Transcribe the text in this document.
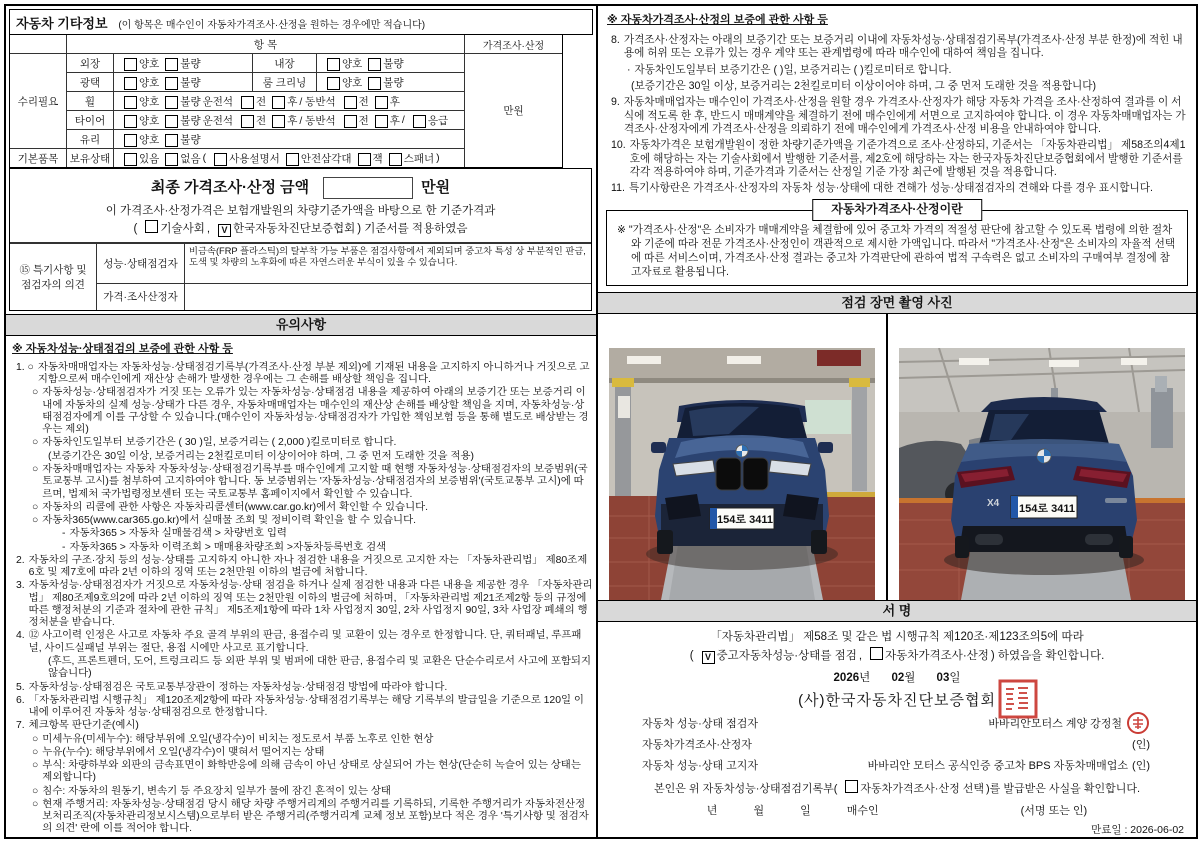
자동차 기타정보 (이 항목은 매수인이 자동차가격조사·산정을 원하는 경우에만 적습니다)
항 목	가격조사·산정
수리필요
외장	양호 불량	내장	양호 불량
광택	양호 불량	룸 크리닝	양호 불량
휠	양호 불량 운전석 전 후 / 동반석 전 후
타이어	양호 불량 운전석 전 후 / 동반석 전 후 / 응급
유리	양호 불량
기본품목	보유상태	있음 없음 ( 사용설명서 안전삼각대 잭 스패너 )
만원
최종 가격조사·산정 금액	만원
이 가격조사·산정가격은 보험개발원의 차량기준가액을 바탕으로 한 기준가격과
( 기술사회 , V 한국자동차진단보증협회 ) 기준서를 적용하였음
⑮ 특기사항 및
점검자의 의견
성능·상태점검자
비금속(FRP 플라스틱)의 탈부착 가능 부품은 점검사항에서 제외되며 중고차 특성 상 부분적인 판금,도색 및 차량의 노후화에 따른 자연스러운 부식이 있을 수 있습니다.
가격·조사산정자
유의사항
※ 자동차성능·상태점검의 보증에 관한 사항 등
1. ○ 자동차매매업자는 자동차성능·상태점검기록부(가격조사·산정 부분 제외)에 기재된 내용을 고지하지 아니하거나 거짓으로 고지함으로써 매수인에게 재산상 손해가 발생한 경우에는 그 손해를 배상할 책임을 집니다.
○ 자동차성능·상태점검자가 거짓 또는 오류가 있는 자동차성능·상태점검 내용을 제공하여 아래의 보증기간 또는 보증거리 이내에 자동차의 실제 성능·상태가 다른 경우, 자동차매매업자는 매수인의 재산상 손해를 배상할 책임을 지며, 자동차성능·상태점검자에게 이를 구상할 수 있습니다.(매수인이 자동차성능·상태점검자가 가입한 책임보험 등을 통해 별도로 배상받는 경우는 제외)
○ 자동차인도일부터 보증기간은 ( 30 )일, 보증거리는 ( 2,000 )킬로미터로 합니다.
(보증기간은 30일 이상, 보증거리는 2천킬로미터 이상이어야 하며, 그 중 먼저 도래한 것을 적용)
○ 자동차매매업자는 자동차 자동차성능·상태점검기록부를 매수인에게 고지할 때 현행 자동차성능·상태점검자의 보증범위(국토교통부 고시)를 첨부하여 고지하여야 합니다. 동 보증범위는 '자동차성능·상태점검자의 보증범위'(국토교통부 고시)에 따르며, 법제처 국가법령정보센터 또는 국토교통부 홈페이지에서 확인할 수 있습니다.
○ 자동차의 리콜에 관한 사항은 자동차리콜센터(www.car.go.kr)에서 확인할 수 있습니다.
○ 자동차365(www.car365.go.kr)에서 실매물 조회 및 정비이력 확인을 할 수 있습니다.
- 자동차365 > 자동차 실매물검색 > 차량번호 입력
- 자동차365 > 자동차 이력조회 > 매매용차량조회 >자동차등록번호 검색
2. 자동차의 구조·장치 등의 성능·상태를 고지하지 아니한 자나 점검한 내용을 거짓으로 고지한 자는 「자동차관리법」 제80조제6호 및 제7호에 따라 2년 이하의 징역 또는 2천만원 이하의 벌금에 처합니다.
3. 자동차성능·상태점검자가 거짓으로 자동차성능·상태 점검을 하거나 실제 점검한 내용과 다른 내용을 제공한 경우 「자동차관리법」 제80조제9호의2에 따라 2년 이하의 징역 또는 2천만원 이하의 벌금에 처하며, 「자동차관리법 제21조제2항 등의 규정에 따른 행정처분의 기준과 절차에 관한 규칙」 제5조제1항에 따라 1차 사업정지 30일, 2차 사업정지 90일, 3차 사업장 폐쇄의 행정처분을 받습니다.
4. ⑫ 사고이력 인정은 사고로 자동차 주요 골격 부위의 판금, 용접수리 및 교환이 있는 경우로 한정합니다. 단, 쿼터패널, 루프패널, 사이드실패널 부위는 절단, 용접 시에만 사고로 표기합니다.
(후드, 프론트펜더, 도어, 트렁크리드 등 외판 부위 및 범퍼에 대한 판금, 용접수리 및 교환은 단순수리로서 사고에 포함되지 않습니다)
5. 자동차성능·상태점검은 국토교통부장관이 정하는 자동차성능·상태점검 방법에 따라야 합니다.
6. 「자동차관리법 시행규칙」 제120조제2항에 따라 자동차성능·상태점검기록부는 해당 기록부의 발급일을 기준으로 120일 이내에 이루어진 자동차 성능·상태점검으로 한정합니다.
7. 체크항목 판단기준(예시)
○ 미세누유(미세누수): 해당부위에 오일(냉각수)이 비치는 정도로서 부품 노후로 인한 현상
○ 누유(누수): 해당부위에서 오일(냉각수)이 맺혀서 떨어지는 상태
○ 부식: 차량하부와 외판의 금속표면이 화학반응에 의해 금속이 아닌 상태로 상실되어 가는 현상(단순히 녹슬어 있는 상태는 제외합니다)
○ 침수: 자동차의 원동기, 변속기 등 주요장치 일부가 물에 잠긴 흔적이 있는 상태
○ 현재 주행거리: 자동차성능·상태점검 당시 해당 차량 주행거리계의 주행거리를 기록하되, 기록한 주행거리가 자동차전산정보처리조직(자동차관리정보시스템)으로부터 받은 주행거리(주행거리계 교체 정보 포함)보다 적은 경우 '특기사항 및 점검자의 의견' 란에 이를 적어야 합니다.
※ 자동차가격조사·산정의 보증에 관한 사항 등
8. 가격조사·산정자는 아래의 보증기간 또는 보증거리 이내에 자동차성능·상태점검기록부(가격조사·산정 부분 한정)에 적힌 내용에 허위 또는 오류가 있는 경우 계약 또는 관계법령에 따라 매수인에 대하여 책임을 집니다.
· 자동차인도일부터 보증기간은 ( )일, 보증거리는 ( )킬로미터로 합니다.
(보증기간은 30일 이상, 보증거리는 2천킬로미터 이상이어야 하며, 그 중 먼저 도래한 것을 적용합니다)
9. 자동차매매업자는 매수인이 가격조사·산정을 원할 경우 가격조사·산정자가 해당 자동차 가격을 조사·산정하여 결과를 이 서식에 적도록 한 후, 반드시 매매계약을 체결하기 전에 매수인에게 서면으로 고지하여야 합니다. 이 경우 자동차매매업자는 가격조사·산정자에게 가격조사·산정을 의뢰하기 전에 매수인에게 가격조사·산정 비용을 안내하여야 합니다.
10. 자동차가격은 보험개발원이 정한 차량기준가액을 기준가격으로 조사·산정하되, 기준서는 「자동차관리법」 제58조의4제1호에 해당하는 자는 기술사회에서 발행한 기준서를, 제2호에 해당하는 자는 한국자동차진단보증협회에서 발행한 기준서를 각각 적용하여야 하며, 기준가격과 기준서는 산정일 기준 가장 최근에 발행된 것을 적용합니다.
11. 특기사항란은 가격조사·산정자의 자동차 성능·상태에 대한 견해가 성능·상태점검자의 견해와 다를 경우 표시합니다.
자동차가격조사·산정이란
※ "가격조사·산정"은 소비자가 매매계약을 체결함에 있어 중고차 가격의 적절성 판단에 참고할 수 있도록 법령에 의한 절차와 기준에 따라 전문 가격조사·산정인이 객관적으로 제시한 가액입니다. 따라서 "가격조사·산정"은 소비자의 자율적 선택에 따른 서비스이며, 가격조사·산정 결과는 중고차 가격판단에 관하여 법적 구속력은 없고 소비자의 구매여부 결정에 참고자료로 활용됩니다.
점검 장면 촬영 사진
154로 3411
X4 154로 3411
서 명
「자동차관리법」 제58조 및 같은 법 시행규칙 제120조·제123조의5에 따라
( V 중고자동차성능·상태를 점검 , 자동차가격조사·산정 ) 하였음을 확인합니다.
2026년 02월 03일
(사)한국자동차진단보증협회
자동차 성능·상태 점검자	바바리안모터스 계양 강정철
자동차가격조사·산정자	(인)
자동차 성능·상태 고지자	바바리안 모터스 공식인증 중고차 BPS 자동차매매업소 (인)
본인은 위 자동차성능·상태점검기록부( 자동차가격조사·산정 선택 )를 발급받은 사실을 확인합니다.
년	월	일	매수인	(서명 또는 인)
만료일 : 2026-06-02
